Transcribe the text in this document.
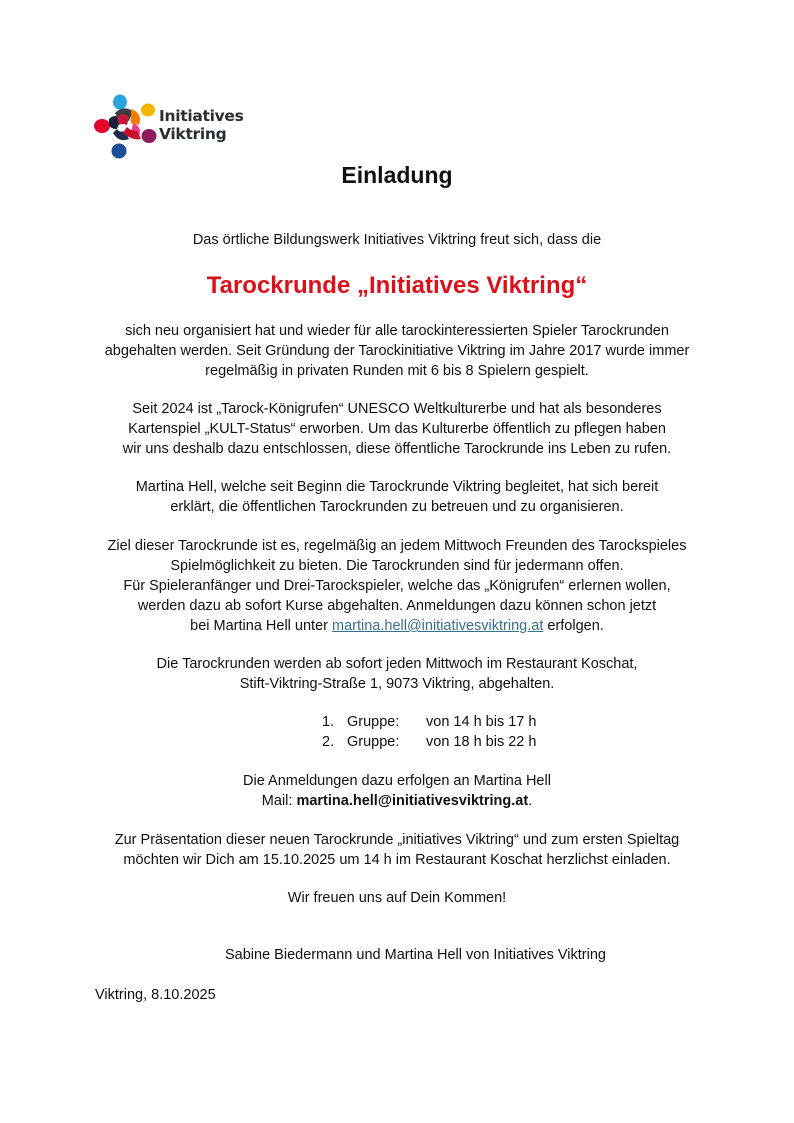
Initiatives
Viktring
Einladung
Das örtliche Bildungswerk Initiatives Viktring freut sich, dass die
Tarockrunde „Initiatives Viktring“
sich neu organisiert hat und wieder für alle tarockinteressierten Spieler Tarockrunden
abgehalten werden. Seit Gründung der Tarockinitiative Viktring im Jahre 2017 wurde immer
regelmäßig in privaten Runden mit 6 bis 8 Spielern gespielt.
Seit 2024 ist „Tarock-Königrufen“ UNESCO Weltkulturerbe und hat als besonderes
Kartenspiel „KULT-Status“ erworben. Um das Kulturerbe öffentlich zu pflegen haben
wir uns deshalb dazu entschlossen, diese öffentliche Tarockrunde ins Leben zu rufen.
Martina Hell, welche seit Beginn die Tarockrunde Viktring begleitet, hat sich bereit
erklärt, die öffentlichen Tarockrunden zu betreuen und zu organisieren.
Ziel dieser Tarockrunde ist es, regelmäßig an jedem Mittwoch Freunden des Tarockspieles
Spielmöglichkeit zu bieten. Die Tarockrunden sind für jedermann offen.
Für Spieleranfänger und Drei-Tarockspieler, welche das „Königrufen“ erlernen wollen,
werden dazu ab sofort Kurse abgehalten. Anmeldungen dazu können schon jetzt
bei Martina Hell unter martina.hell@initiativesviktring.at erfolgen.
Die Tarockrunden werden ab sofort jeden Mittwoch im Restaurant Koschat,
Stift-Viktring-Straße 1, 9073 Viktring, abgehalten.
1. Gruppe:	von 14 h bis 17 h
2. Gruppe:	von 18 h bis 22 h
Die Anmeldungen dazu erfolgen an Martina Hell
Mail: martina.hell@initiativesviktring.at.
Zur Präsentation dieser neuen Tarockrunde „initiatives Viktring“ und zum ersten Spieltag
möchten wir Dich am 15.10.2025 um 14 h im Restaurant Koschat herzlichst einladen.
Wir freuen uns auf Dein Kommen!
Sabine Biedermann und Martina Hell von Initiatives Viktring
Viktring, 8.10.2025
